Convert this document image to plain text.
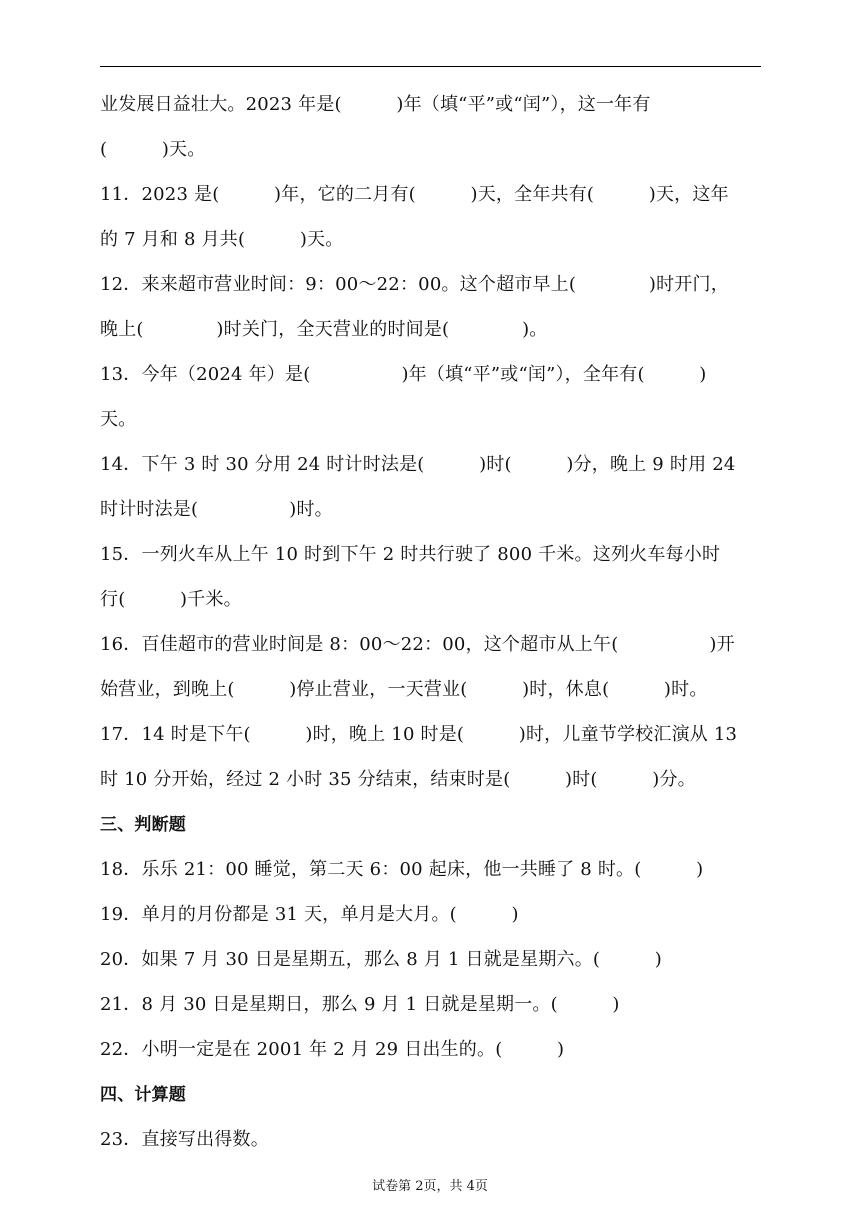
业发展日益壮大。2023 年是(　　　)年（填“平”或“闰”），这一年有
(　　　)天。
11．2023 是(　　　)年，它的二月有(　　　)天，全年共有(　　　)天，这年
的 7 月和 8 月共(　　　)天。
12．来来超市营业时间：9：00～22：00。这个超市早上(　　　　)时开门，
晚上(　　　　)时关门，全天营业的时间是(　　　　)。
13．今年（2024 年）是(　　　　　)年（填“平”或“闰”），全年有(　　　)
天。
14．下午 3 时 30 分用 24 时计时法是(　　　)时(　　　)分，晚上 9 时用 24
时计时法是(　　　　　)时。
15．一列火车从上午 10 时到下午 2 时共行驶了 800 千米。这列火车每小时
行(　　　)千米。
16．百佳超市的营业时间是 8：00～22：00，这个超市从上午(　　　　　)开
始营业，到晚上(　　　)停止营业，一天营业(　　　)时，休息(　　　)时。
17．14 时是下午(　　　)时，晚上 10 时是(　　　)时，儿童节学校汇演从 13
时 10 分开始，经过 2 小时 35 分结束，结束时是(　　　)时(　　　)分。
三、判断题
18．乐乐 21：00 睡觉，第二天 6：00 起床，他一共睡了 8 时。(　　　)
19．单月的月份都是 31 天，单月是大月。(　　　)
20．如果 7 月 30 日是星期五，那么 8 月 1 日就是星期六。(　　　)
21．8 月 30 日是星期日，那么 9 月 1 日就是星期一。(　　　)
22．小明一定是在 2001 年 2 月 29 日出生的。(　　　)
四、计算题
23．直接写出得数。
试卷第 2页，共 4页
